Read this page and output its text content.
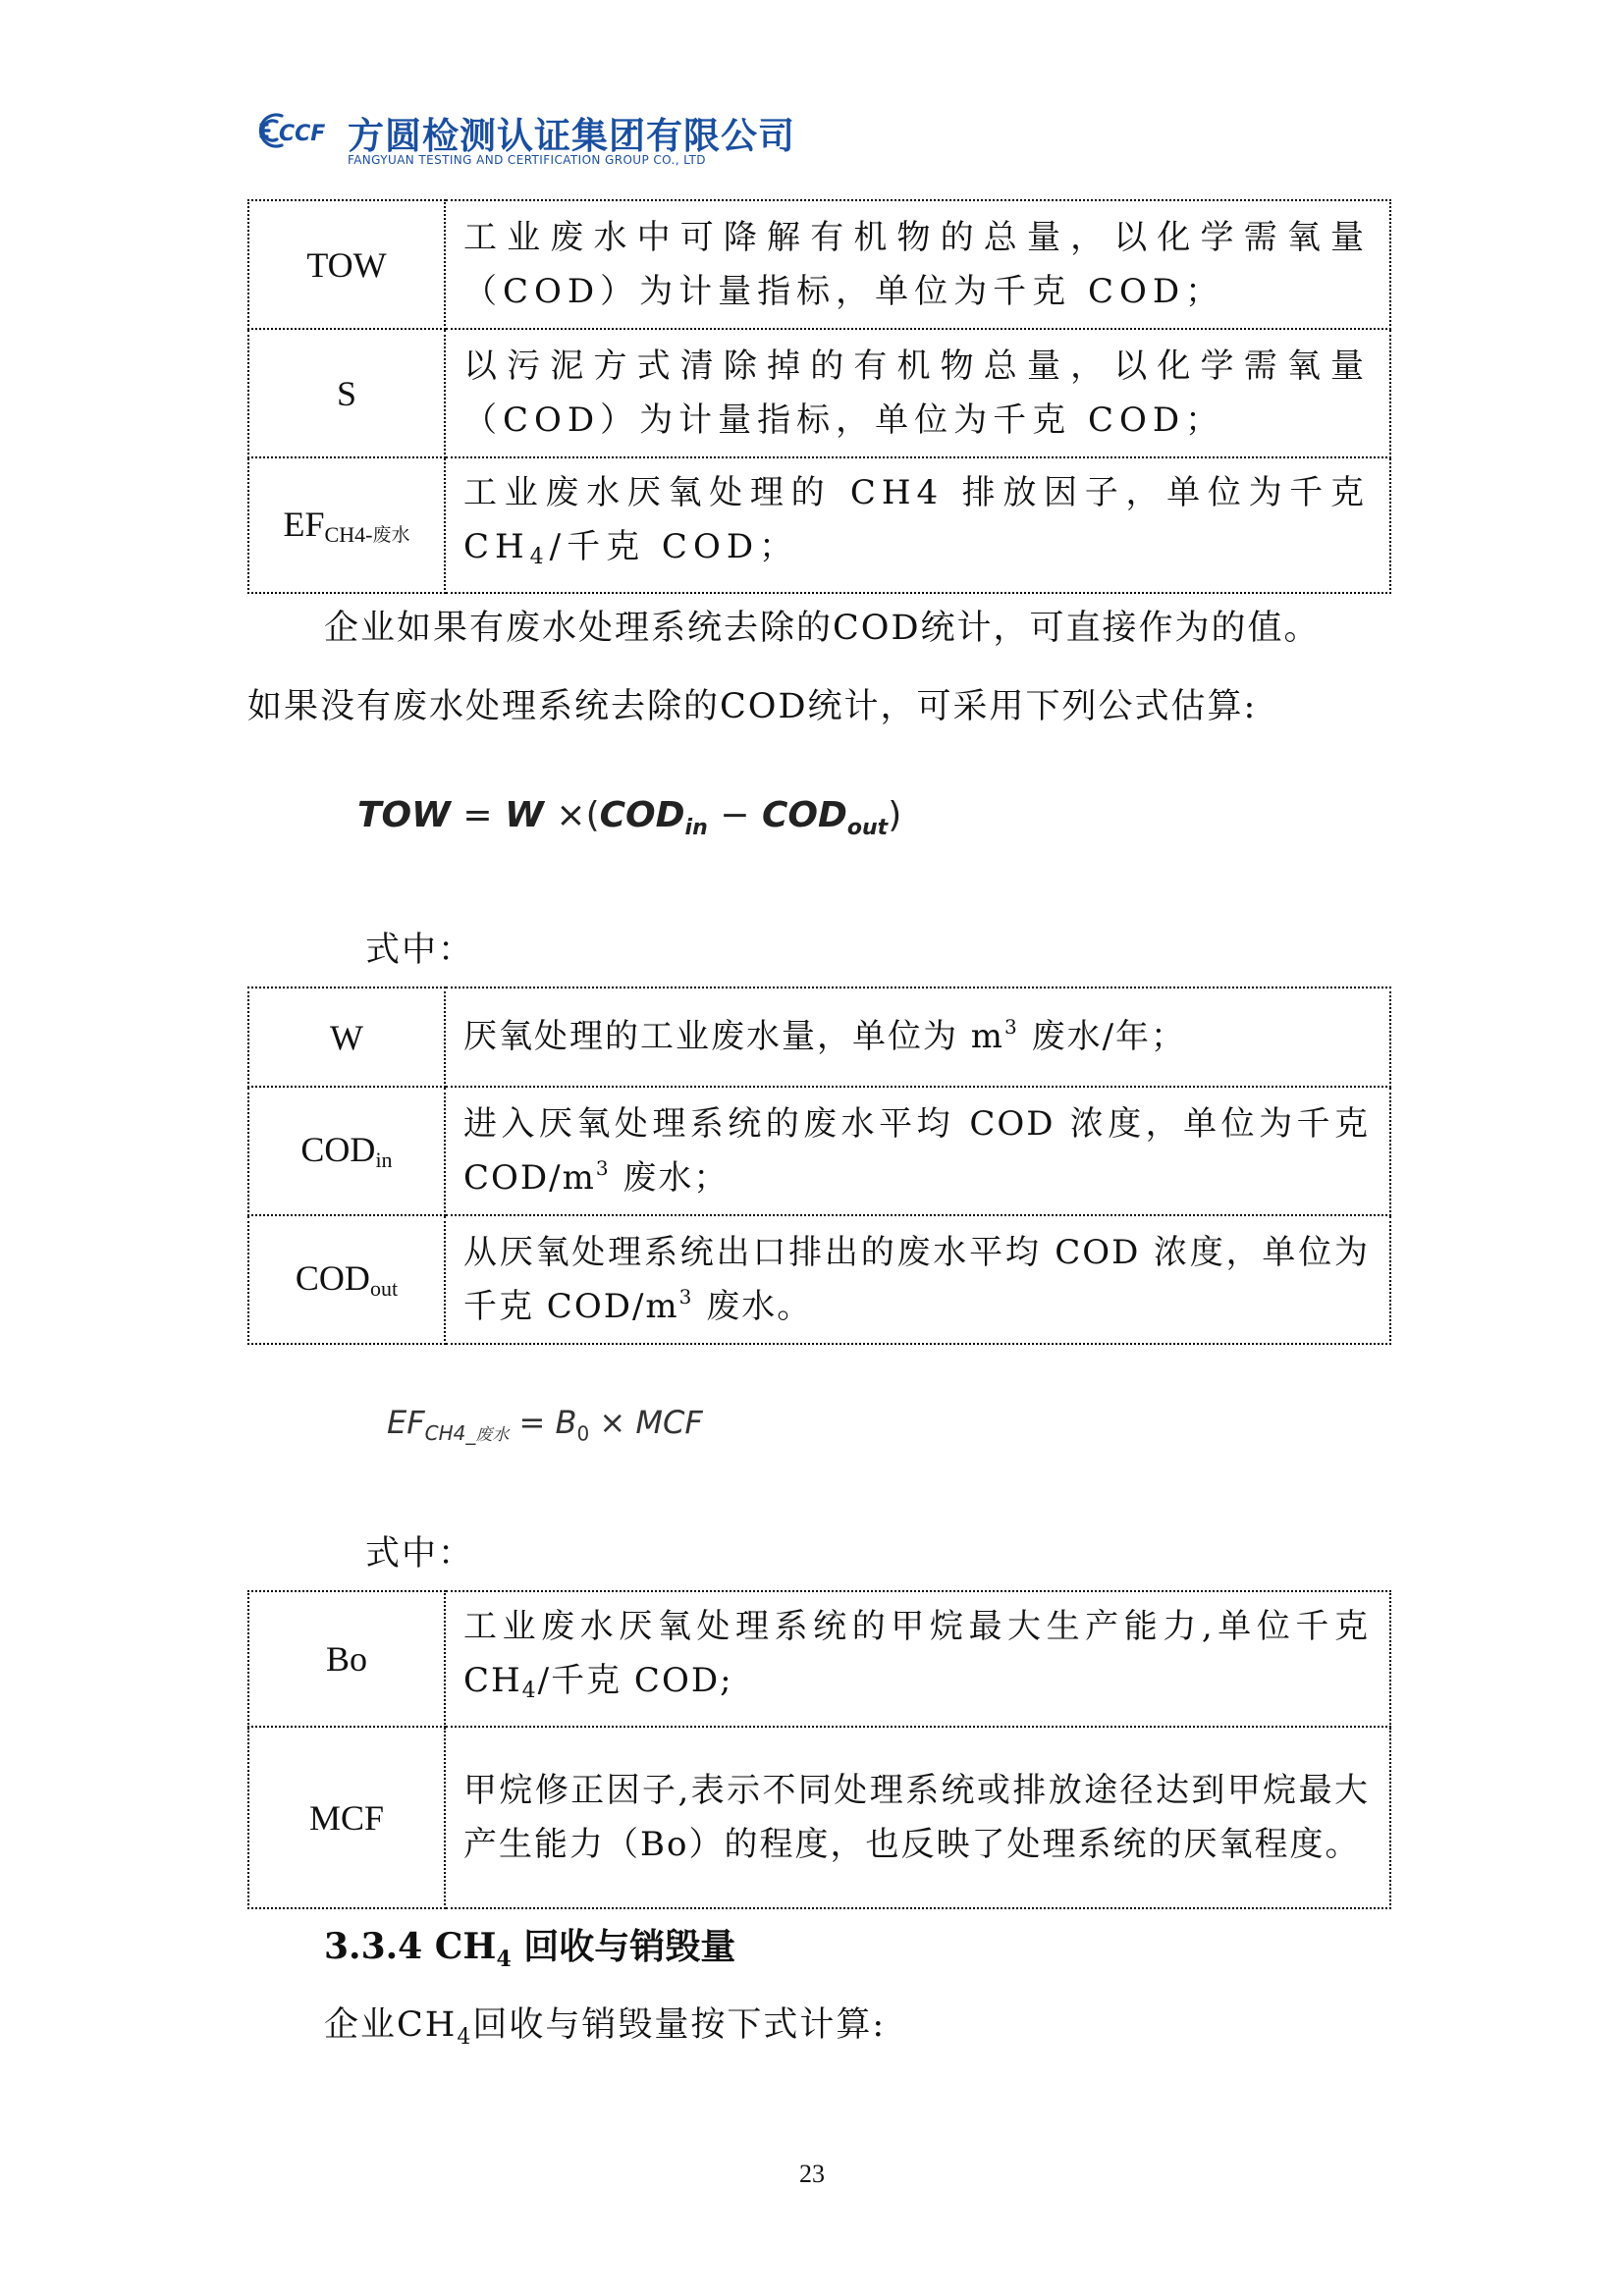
CCF 方圆检测认证集团有限公司
FANGYUAN TESTING AND CERTIFICATION GROUP CO., LTD
TOW	工业废水中可降解有机物的总量，以化学需氧量（COD）为计量指标，单位为千克 COD；
S	以污泥方式清除掉的有机物总量，以化学需氧量（COD）为计量指标，单位为千克 COD；
$EF_{CH4-废水}$	工业废水厌氧处理的 CH4 排放因子，单位为千克 $CH_4/$千克 COD；
企业如果有废水处理系统去除的COD统计，可直接作为的值。
如果没有废水处理系统去除的COD统计，可采用下列公式估算:
TOW = $W \times(COD_{in} - COD_{out})$
式中：
W	厌氧处理的工业废水量，单位为 $m^3$ 废水/年；
$COD_{in}$	进入厌氧处理系统的废水平均 COD 浓度，单位为千克 COD/$m^3$ 废水；
$COD_{out}$	从厌氧处理系统出口排出的废水平均 COD 浓度，单位为千克 COD/$m^3$ 废水。
$EF_{CH4\_废水} = B_0$ × MCF
式中：
Bo	工业废水厌氧处理系统的甲烷最大生产能力,单位千克 $CH_4/$千克 COD;
MCF	甲烷修正因子,表示不同处理系统或排放途径达到甲烷最大产生能力（Bo）的程度，也反映了处理系统的厌氧程度。
3.3.4 $CH_4$ 回收与销毁量
企业$CH_4$回收与销毁量按下式计算:
23
